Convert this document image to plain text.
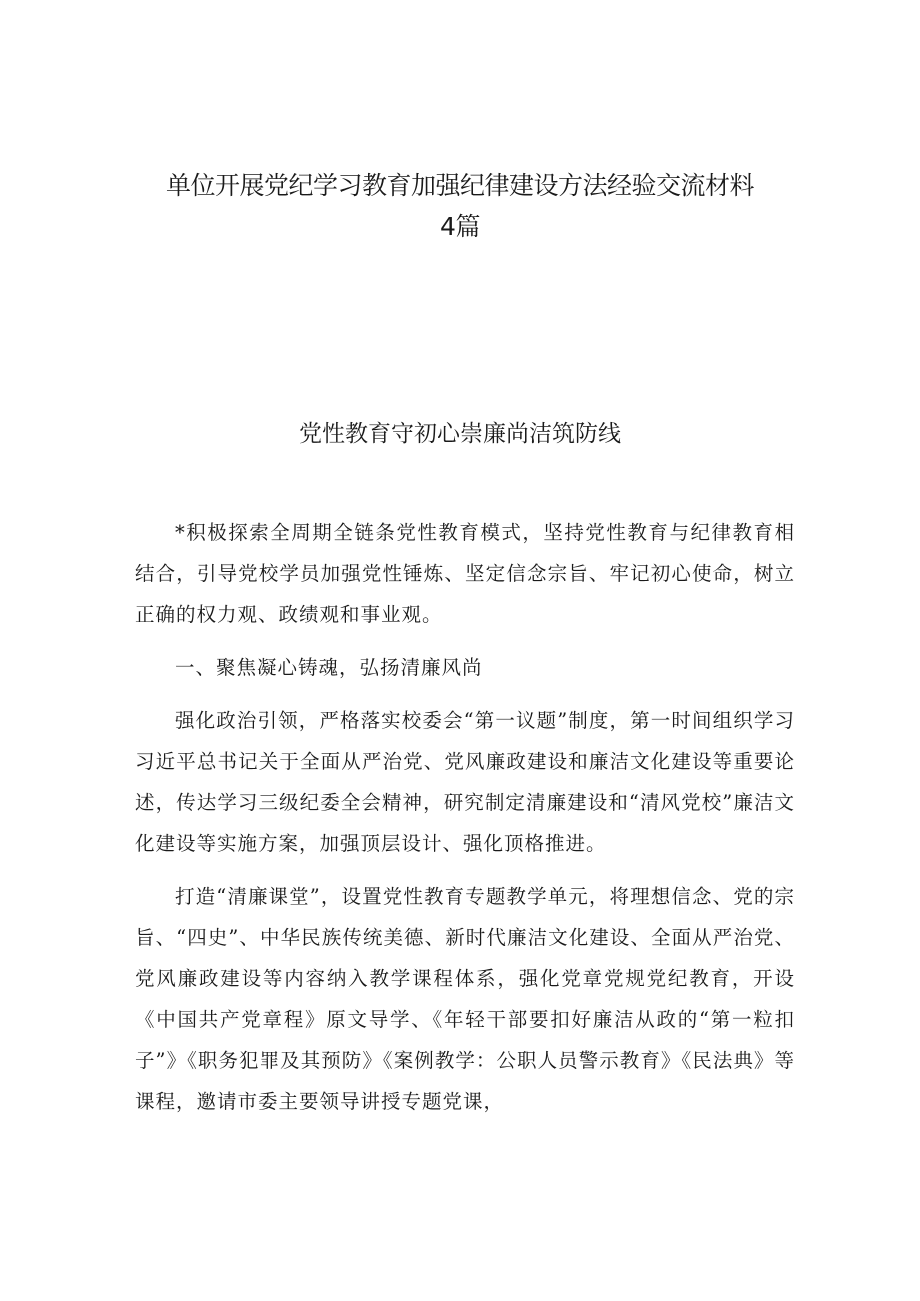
单位开展党纪学习教育加强纪律建设方法经验交流材料
4篇
党性教育守初心崇廉尚洁筑防线

*积极探索全周期全链条党性教育模式，坚持党性教育与纪律教育相结合，引导党校学员加强党性锤炼、坚定信念宗旨、牢记初心使命，树立正确的权力观、政绩观和事业观。

一、聚焦凝心铸魂，弘扬清廉风尚

强化政治引领，严格落实校委会“第一议题”制度，第一时间组织学习习近平总书记关于全面从严治党、党风廉政建设和廉洁文化建设等重要论述，传达学习三级纪委全会精神，研究制定清廉建设和“清风党校”廉洁文化建设等实施方案，加强顶层设计、强化顶格推进。

打造“清廉课堂”，设置党性教育专题教学单元，将理想信念、党的宗旨、“四史”、中华民族传统美德、新时代廉洁文化建设、全面从严治党、党风廉政建设等内容纳入教学课程体系，强化党章党规党纪教育，开设《中国共产党章程》原文导学、《年轻干部要扣好廉洁从政的“第一粒扣子”》《职务犯罪及其预防》《案例教学：公职人员警示教育》《民法典》等课程，邀请市委主要领导讲授专题党课，
